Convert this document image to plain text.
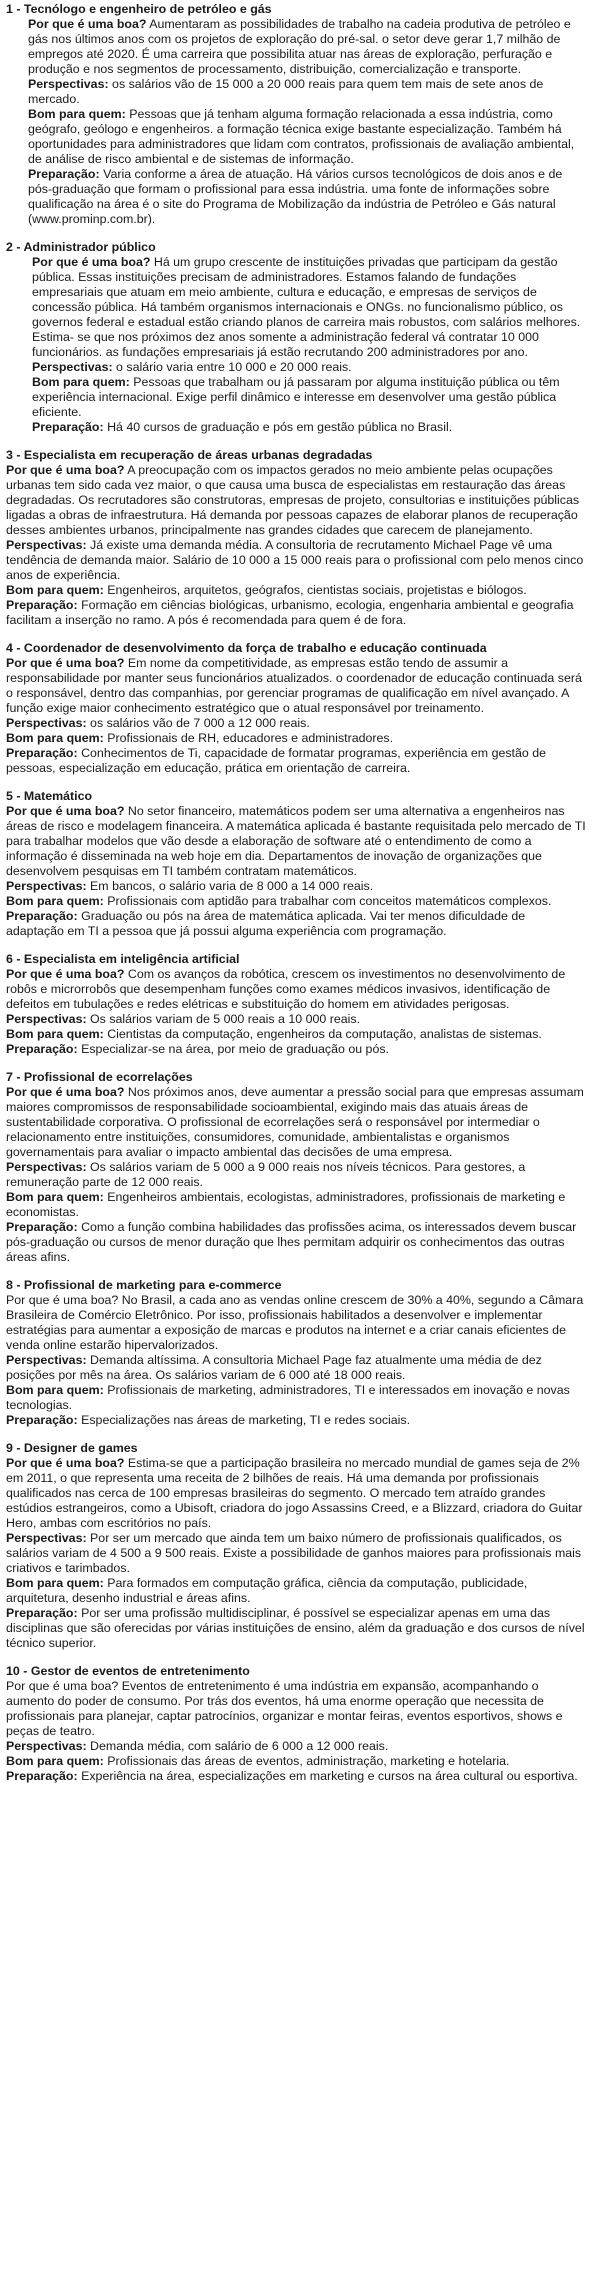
1 - Tecnólogo e engenheiro de petróleo e gás

Por que é uma boa? Aumentaram as possibilidades de trabalho na cadeia produtiva de petróleo e gás nos últimos anos com os projetos de exploração do pré-sal. o setor deve gerar 1,7 milhão de empregos até 2020. É uma carreira que possibilita atuar nas áreas de exploração, perfuração e produção e nos segmentos de processamento, distribuição, comercialização e transporte.

Perspectivas: os salários vão de 15 000 a 20 000 reais para quem tem mais de sete anos de mercado.

Bom para quem: Pessoas que já tenham alguma formação relacionada a essa indústria, como geógrafo, geólogo e engenheiros. a formação técnica exige bastante especialização. Também há oportunidades para administradores que lidam com contratos, profissionais de avaliação ambiental, de análise de risco ambiental e de sistemas de informação.

Preparação: Varia conforme a área de atuação. Há vários cursos tecnológicos de dois anos e de pós-graduação que formam o profissional para essa indústria. uma fonte de informações sobre qualificação na área é o site do Programa de Mobilização da indústria de Petróleo e Gás natural (www.prominp.com.br).

2 - Administrador público

Por que é uma boa? Há um grupo crescente de instituições privadas que participam da gestão pública. Essas instituições precisam de administradores. Estamos falando de fundações empresariais que atuam em meio ambiente, cultura e educação, e empresas de serviços de concessão pública. Há também organismos internacionais e ONGs. no funcionalismo público, os governos federal e estadual estão criando planos de carreira mais robustos, com salários melhores. Estima- se que nos próximos dez anos somente a administração federal vá contratar 10 000 funcionários. as fundações empresariais já estão recrutando 200 administradores por ano.

Perspectivas: o salário varia entre 10 000 e 20 000 reais.

Bom para quem: Pessoas que trabalham ou já passaram por alguma instituição pública ou têm experiência internacional. Exige perfil dinâmico e interesse em desenvolver uma gestão pública eficiente.

Preparação: Há 40 cursos de graduação e pós em gestão pública no Brasil.

3 - Especialista em recuperação de áreas urbanas degradadas

Por que é uma boa? A preocupação com os impactos gerados no meio ambiente pelas ocupações urbanas tem sido cada vez maior, o que causa uma busca de especialistas em restauração das áreas degradadas. Os recrutadores são construtoras, empresas de projeto, consultorias e instituições públicas ligadas a obras de infraestrutura. Há demanda por pessoas capazes de elaborar planos de recuperação desses ambientes urbanos, principalmente nas grandes cidades que carecem de planejamento.

Perspectivas: Já existe uma demanda média. A consultoria de recrutamento Michael Page vê uma tendência de demanda maior. Salário de 10 000 a 15 000 reais para o profissional com pelo menos cinco anos de experiência.

Bom para quem: Engenheiros, arquitetos, geógrafos, cientistas sociais, projetistas e biólogos.

Preparação: Formação em ciências biológicas, urbanismo, ecologia, engenharia ambiental e geografia facilitam a inserção no ramo. A pós é recomendada para quem é de fora.

4 - Coordenador de desenvolvimento da força de trabalho e educação continuada

Por que é uma boa? Em nome da competitividade, as empresas estão tendo de assumir a responsabilidade por manter seus funcionários atualizados. o coordenador de educação continuada será o responsável, dentro das companhias, por gerenciar programas de qualificação em nível avançado. A função exige maior conhecimento estratégico que o atual responsável por treinamento.

Perspectivas: os salários vão de 7 000 a 12 000 reais.

Bom para quem: Profissionais de RH, educadores e administradores.

Preparação: Conhecimentos de Ti, capacidade de formatar programas, experiência em gestão de pessoas, especialização em educação, prática em orientação de carreira.

5 - Matemático

Por que é uma boa? No setor financeiro, matemáticos podem ser uma alternativa a engenheiros nas áreas de risco e modelagem financeira. A matemática aplicada é bastante requisitada pelo mercado de TI para trabalhar modelos que vão desde a elaboração de software até o entendimento de como a informação é disseminada na web hoje em dia. Departamentos de inovação de organizações que desenvolvem pesquisas em TI também contratam matemáticos.

Perspectivas: Em bancos, o salário varia de 8 000 a 14 000 reais.

Bom para quem: Profissionais com aptidão para trabalhar com conceitos matemáticos complexos.

Preparação: Graduação ou pós na área de matemática aplicada. Vai ter menos dificuldade de adaptação em TI a pessoa que já possui alguma experiência com programação.

6 - Especialista em inteligência artificial

Por que é uma boa? Com os avanços da robótica, crescem os investimentos no desenvolvimento de robôs e microrrobôs que desempenham funções como exames médicos invasivos, identificação de defeitos em tubulações e redes elétricas e substituição do homem em atividades perigosas.

Perspectivas: Os salários variam de 5 000 reais a 10 000 reais.

Bom para quem: Cientistas da computação, engenheiros da computação, analistas de sistemas.

Preparação: Especializar-se na área, por meio de graduação ou pós.

7 - Profissional de ecorrelações

Por que é uma boa? Nos próximos anos, deve aumentar a pressão social para que empresas assumam maiores compromissos de responsabilidade socioambiental, exigindo mais das atuais áreas de sustentabilidade corporativa. O profissional de ecorrelações será o responsável por intermediar o relacionamento entre instituições, consumidores, comunidade, ambientalistas e organismos governamentais para avaliar o impacto ambiental das decisões de uma empresa.

Perspectivas: Os salários variam de 5 000 a 9 000 reais nos níveis técnicos. Para gestores, a remuneração parte de 12 000 reais.

Bom para quem: Engenheiros ambientais, ecologistas, administradores, profissionais de marketing e economistas.

Preparação: Como a função combina habilidades das profissões acima, os interessados devem buscar pós-graduação ou cursos de menor duração que lhes permitam adquirir os conhecimentos das outras áreas afins.

8 - Profissional de marketing para e-commerce

Por que é uma boa? No Brasil, a cada ano as vendas online crescem de 30% a 40%, segundo a Câmara Brasileira de Comércio Eletrônico. Por isso, profissionais habilitados a desenvolver e implementar estratégias para aumentar a exposição de marcas e produtos na internet e a criar canais eficientes de venda online estarão hipervalorizados.

Perspectivas: Demanda altíssima. A consultoria Michael Page faz atualmente uma média de dez posições por mês na área. Os salários variam de 6 000 até 18 000 reais.

Bom para quem: Profissionais de marketing, administradores, TI e interessados em inovação e novas tecnologias.

Preparação: Especializações nas áreas de marketing, TI e redes sociais.

9 - Designer de games

Por que é uma boa? Estima-se que a participação brasileira no mercado mundial de games seja de 2% em 2011, o que representa uma receita de 2 bilhões de reais. Há uma demanda por profissionais qualificados nas cerca de 100 empresas brasileiras do segmento. O mercado tem atraído grandes estúdios estrangeiros, como a Ubisoft, criadora do jogo Assassins Creed, e a Blizzard, criadora do Guitar Hero, ambas com escritórios no país.

Perspectivas: Por ser um mercado que ainda tem um baixo número de profissionais qualificados, os salários variam de 4 500 a 9 500 reais. Existe a possibilidade de ganhos maiores para profissionais mais criativos e tarimbados.

Bom para quem: Para formados em computação gráfica, ciência da computação, publicidade, arquitetura, desenho industrial e áreas afins.

Preparação: Por ser uma profissão multidisciplinar, é possível se especializar apenas em uma das disciplinas que são oferecidas por várias instituições de ensino, além da graduação e dos cursos de nível técnico superior.

10 - Gestor de eventos de entretenimento

Por que é uma boa? Eventos de entretenimento é uma indústria em expansão, acompanhando o aumento do poder de consumo. Por trás dos eventos, há uma enorme operação que necessita de profissionais para planejar, captar patrocínios, organizar e montar feiras, eventos esportivos, shows e peças de teatro.

Perspectivas: Demanda média, com salário de 6 000 a 12 000 reais.

Bom para quem: Profissionais das áreas de eventos, administração, marketing e hotelaria.

Preparação: Experiência na área, especializações em marketing e cursos na área cultural ou esportiva.
